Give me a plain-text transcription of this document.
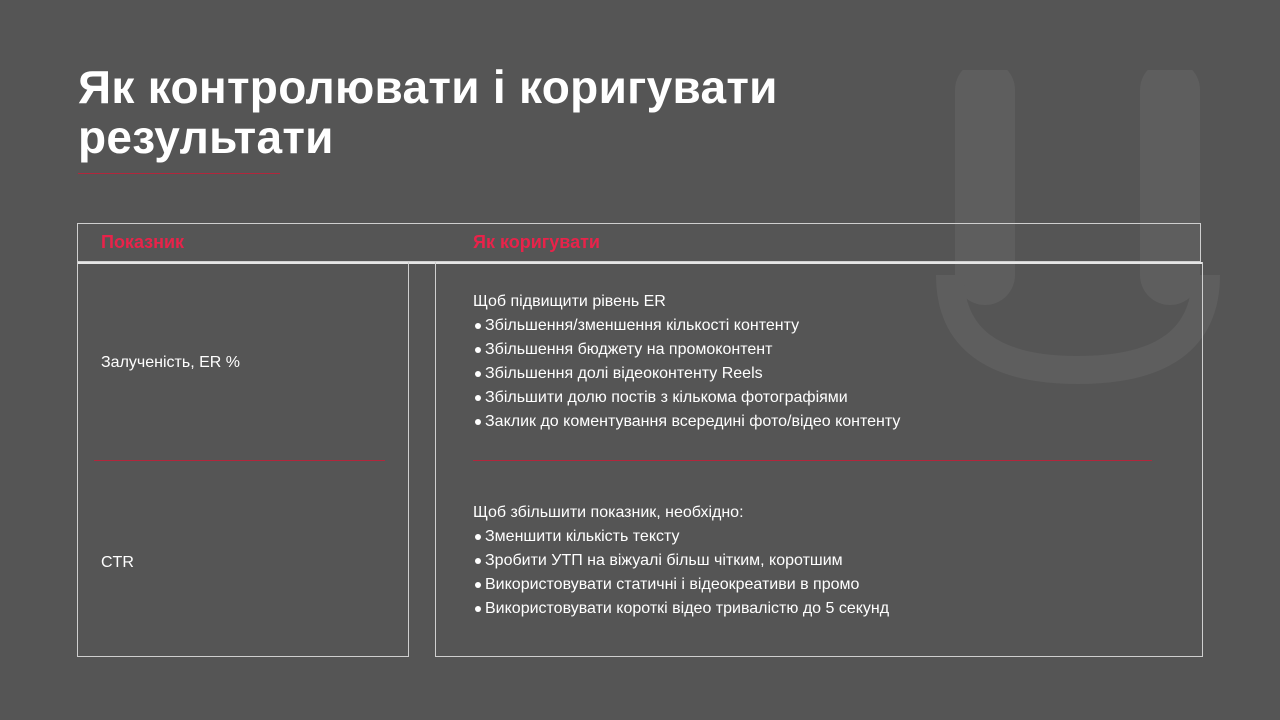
Як контролювати і коригувати результати
Показник	Як коригувати
Залученість, ER %
Щоб підвищити рівень ER
Збільшення/зменшення кількості контенту
Збільшення бюджету на промоконтент
Збільшення долі відеоконтенту Reels
Збільшити долю постів з кількома фотографіями
Заклик до коментування всередині фото/відео контенту
CTR
Щоб збільшити показник, необхідно:
Зменшити кількість тексту
Зробити УТП на віжуалі більш чітким, коротшим
Використовувати статичні і відеокреативи в промо
Використовувати короткі відео тривалістю до 5 секунд
